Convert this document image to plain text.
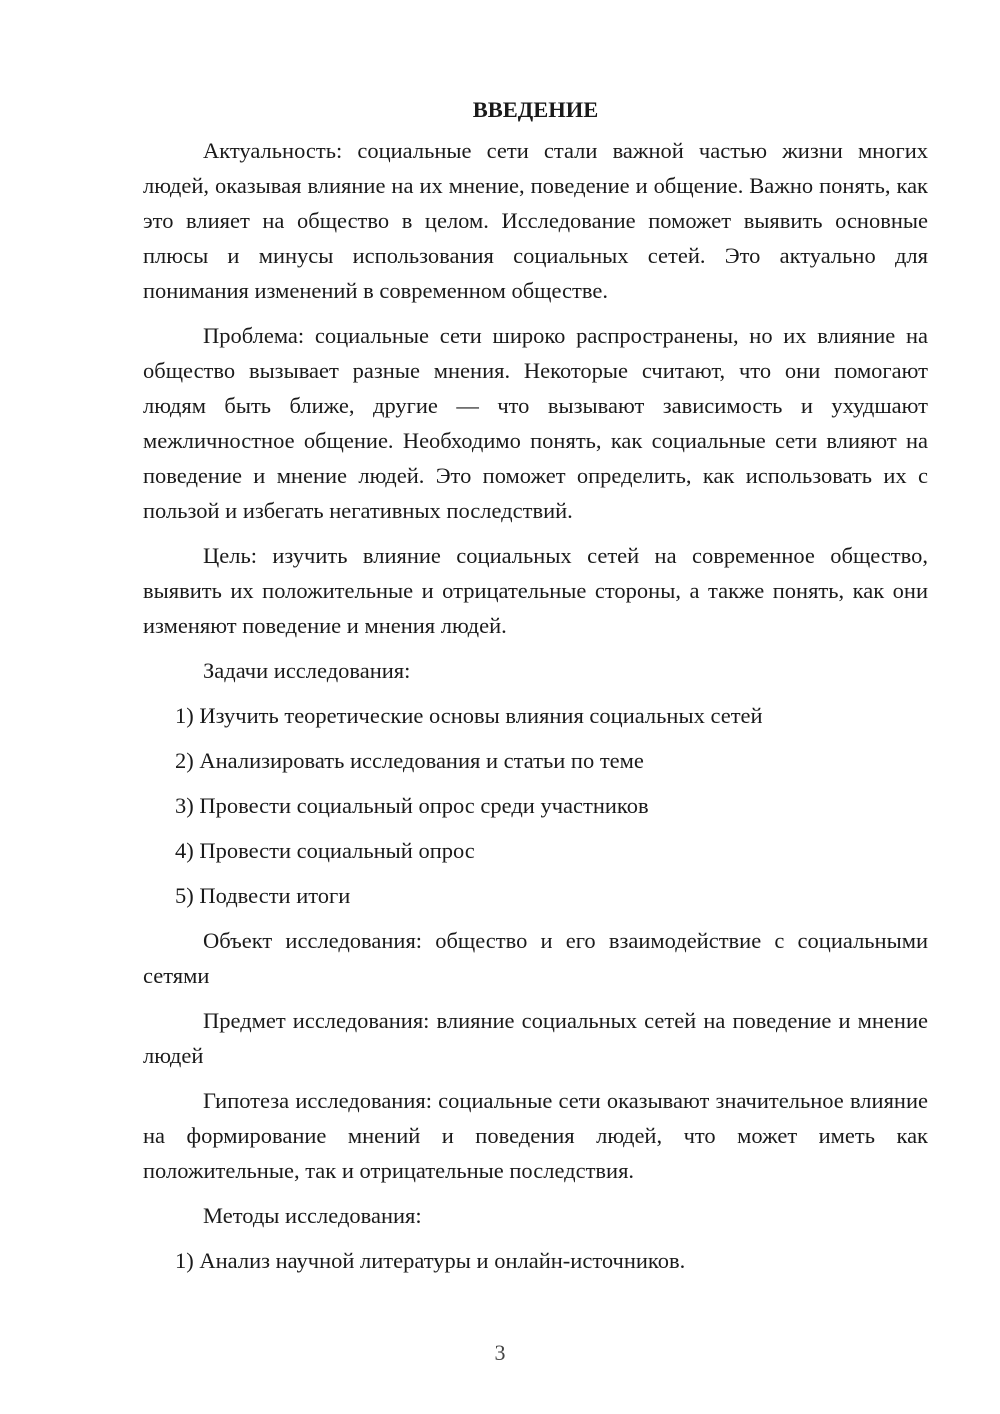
ВВЕДЕНИЕ

Актуальность: социальные сети стали важной частью жизни многих людей, оказывая влияние на их мнение, поведение и общение. Важно понять, как это влияет на общество в целом. Исследование поможет выявить основные плюсы и минусы использования социальных сетей. Это актуально для понимания изменений в современном обществе.

Проблема: социальные сети широко распространены, но их влияние на общество вызывает разные мнения. Некоторые считают, что они помогают людям быть ближе, другие — что вызывают зависимость и ухудшают межличностное общение. Необходимо понять, как социальные сети влияют на поведение и мнение людей. Это поможет определить, как использовать их с пользой и избегать негативных последствий.

Цель: изучить влияние социальных сетей на современное общество, выявить их положительные и отрицательные стороны, а также понять, как они изменяют поведение и мнения людей.

Задачи исследования:

1) Изучить теоретические основы влияния социальных сетей
2) Анализировать исследования и статьи по теме
3) Провести социальный опрос среди участников
4) Провести социальный опрос
5) Подвести итоги

Объект исследования: общество и его взаимодействие с социальными сетями

Предмет исследования: влияние социальных сетей на поведение и мнение людей

Гипотеза исследования: социальные сети оказывают значительное влияние на формирование мнений и поведения людей, что может иметь как положительные, так и отрицательные последствия.

Методы исследования:

1) Анализ научной литературы и онлайн-источников.
3
